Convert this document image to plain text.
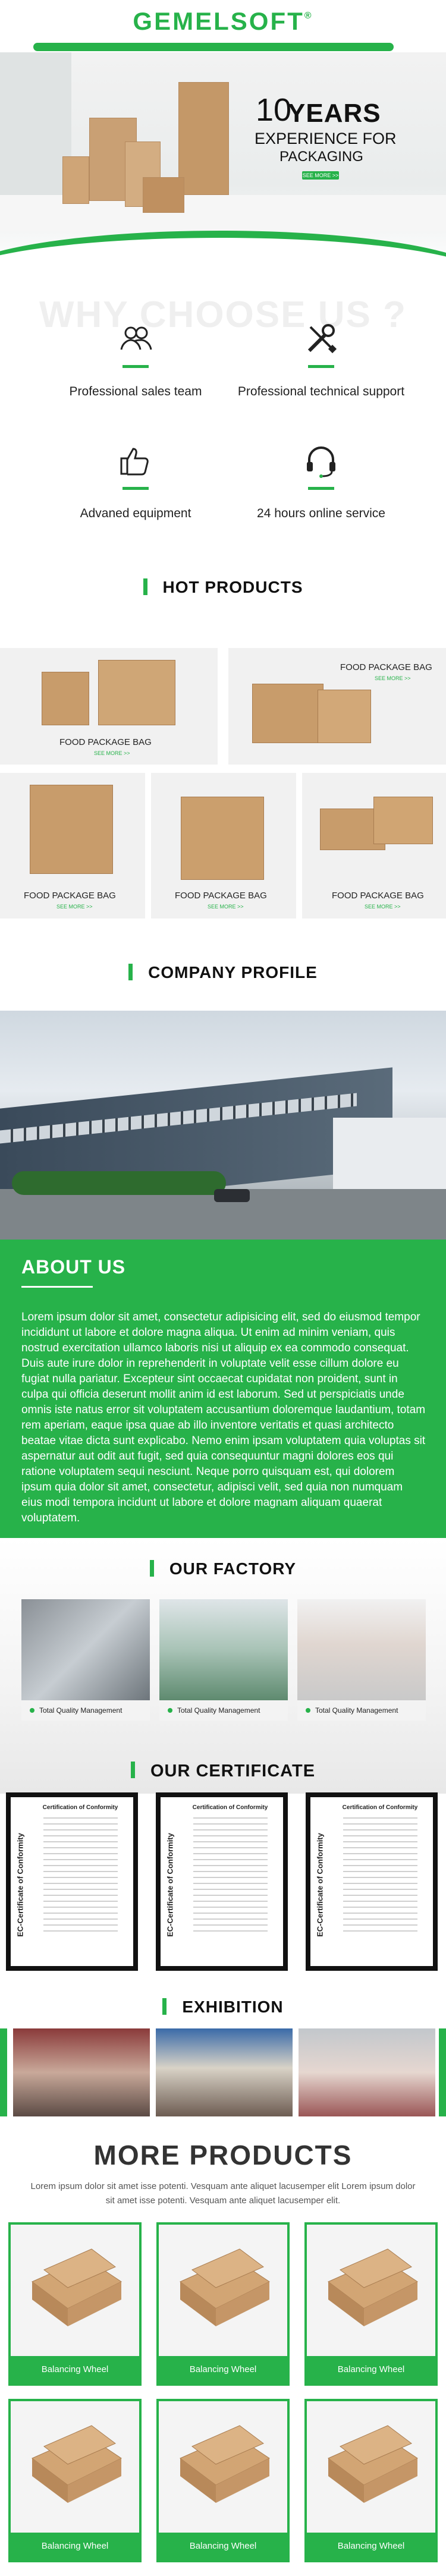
GEMELSOFT®
10
YEARS
EXPERIENCE FOR
PACKAGING
SEE MORE >>
WHY CHOOSE US ?
Professional sales team	Professional technical support
Advaned equipment	24 hours online service
HOT PRODUCTS
FOOD PACKAGE BAG
SEE MORE >>
FOOD PACKAGE BAG
SEE MORE >>
FOOD PACKAGE BAG
SEE MORE >>
FOOD PACKAGE BAG
SEE MORE >>
FOOD PACKAGE BAG
SEE MORE >>
COMPANY PROFILE
ABOUT US

Lorem ipsum dolor sit amet, consectetur adipisicing elit, sed do eiusmod tempor incididunt ut labore et dolore magna aliqua. Ut enim ad minim veniam, quis nostrud exercitation ullamco laboris nisi ut aliquip ex ea commodo consequat. Duis aute irure dolor in reprehenderit in voluptate velit esse cillum dolore eu fugiat nulla pariatur. Excepteur sint occaecat cupidatat non proident, sunt in culpa qui officia deserunt mollit anim id est laborum. Sed ut perspiciatis unde omnis iste natus error sit voluptatem accusantium doloremque laudantium, totam rem aperiam, eaque ipsa quae ab illo inventore veritatis et quasi architecto beatae vitae dicta sunt explicabo. Nemo enim ipsam voluptatem quia voluptas sit aspernatur aut odit aut fugit, sed quia consequuntur magni dolores eos qui ratione voluptatem sequi nesciunt. Neque porro quisquam est, qui dolorem ipsum quia dolor sit amet, consectetur, adipisci velit, sed quia non numquam eius modi tempora incidunt ut labore et dolore magnam aliquam quaerat voluptatem.

OUR FACTORY
Total Quality Management	Total Quality Management	Total Quality Management
OUR CERTIFICATE
EC-Certificate of Conformity
Certification of Conformity
EC-Certificate of Conformity
Certification of Conformity
EC-Certificate of Conformity
Certification of Conformity
EXHIBITION
MORE PRODUCTS

Lorem ipsum dolor sit amet isse potenti. Vesquam ante aliquet lacusemper elit Lorem ipsum dolor sit amet isse potenti. Vesquam ante aliquet lacusemper elit.

Balancing Wheel	Balancing Wheel	Balancing Wheel
Balancing Wheel	Balancing Wheel	Balancing Wheel
